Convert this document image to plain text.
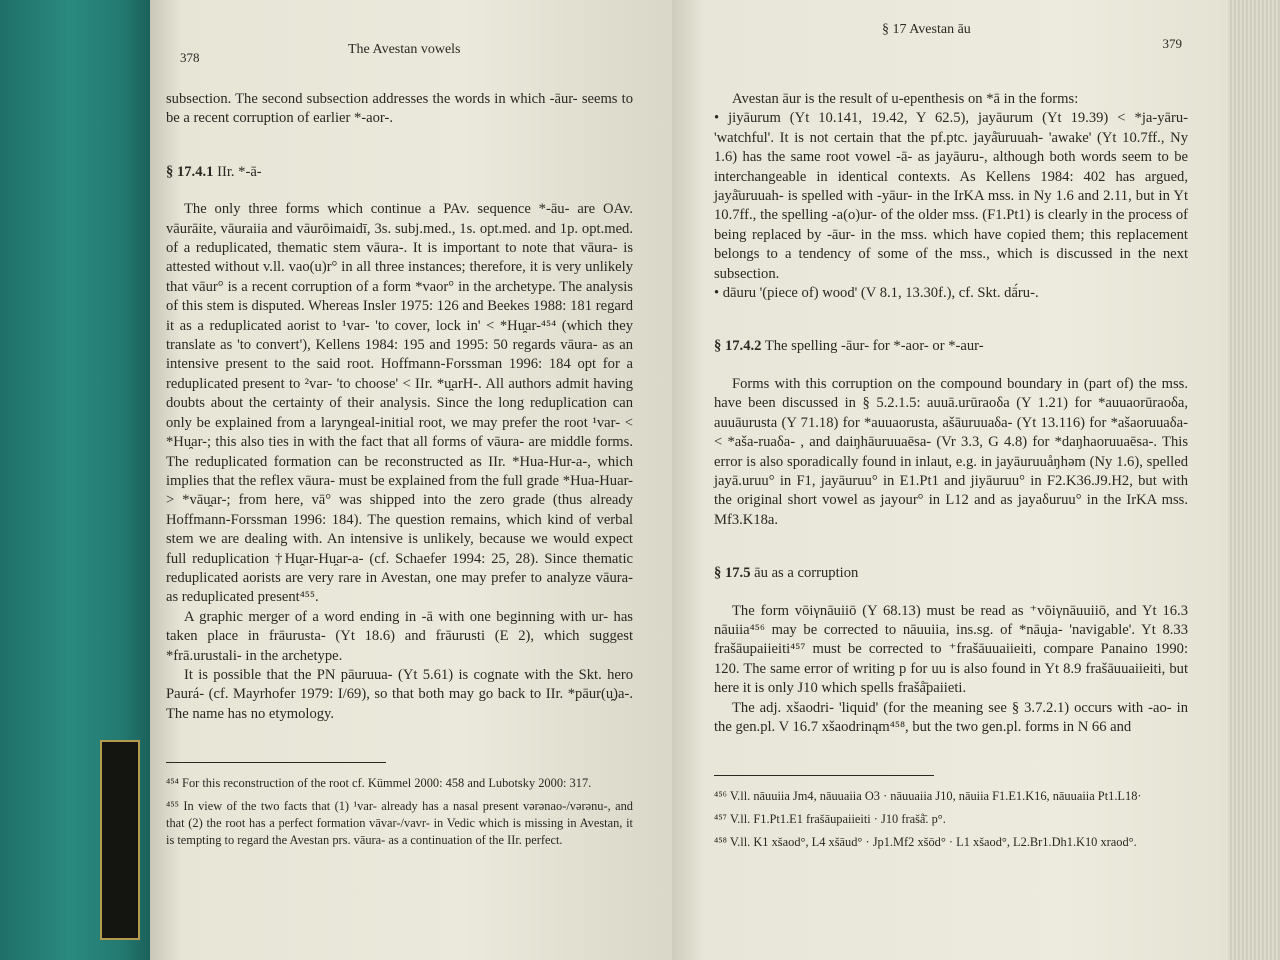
378
The Avestan vowels

subsection. The second subsection addresses the words in which -āur- seems to be a recent corruption of earlier *-aor-.

§ 17.4.1 IIr. *-ā-

The only three forms which continue a PAv. sequence *-āu- are OAv. vāurāite, vāuraiia and vāurōimaidī, 3s. subj.med., 1s. opt.med. and 1p. opt.med. of a reduplicated, thematic stem vāura-. It is important to note that vāura- is attested without v.ll. vao(u)r° in all three instances; therefore, it is very unlikely that vāur° is a recent corruption of a form *vaor° in the archetype. The analysis of this stem is disputed. Whereas Insler 1975: 126 and Beekes 1988: 181 regard it as a reduplicated aorist to ¹var- 'to cover, lock in' < *Hu̯ar-⁴⁵⁴ (which they translate as 'to convert'), Kellens 1984: 195 and 1995: 50 regards vāura- as an intensive present to the said root. Hoffmann-Forssman 1996: 184 opt for a reduplicated present to ²var- 'to choose' < IIr. *u̯arH-. All authors admit having doubts about the certainty of their analysis. Since the long reduplication can only be explained from a laryngeal-initial root, we may prefer the root ¹var- < *Hu̯ar-; this also ties in with the fact that all forms of vāura- are middle forms. The reduplicated formation can be reconstructed as IIr. *Hua-Hur-a-, which implies that the reflex vāura- must be explained from the full grade *Hua-Huar- > *vāu̯ar-; from here, vā° was shipped into the zero grade (thus already Hoffmann-Forssman 1996: 184). The question remains, which kind of verbal stem we are dealing with. An intensive is unlikely, because we would expect full reduplication †Hu̯ar-Hu̯ar-a- (cf. Schaefer 1994: 25, 28). Since thematic reduplicated aorists are very rare in Avestan, one may prefer to analyze vāura- as reduplicated present⁴⁵⁵.

A graphic merger of a word ending in -ā with one beginning with ur- has taken place in frāurusta- (Yt 18.6) and frāurusti (E 2), which suggest *frā.urustali- in the archetype.

It is possible that the PN pāuruua- (Yt 5.61) is cognate with the Skt. hero Paurá- (cf. Mayrhofer 1979: I/69), so that both may go back to IIr. *pāur(u̯)a-. The name has no etymology.

⁴⁵⁴ For this reconstruction of the root cf. Kümmel 2000: 458 and Lubotsky 2000: 317.

⁴⁵⁵ In view of the two facts that (1) ¹var- already has a nasal present vərənao-/vərənu-, and that (2) the root has a perfect formation vāvar-/vavr- in Vedic which is missing in Avestan, it is tempting to regard the Avestan prs. vāura- as a continuation of the IIr. perfect.

§ 17 Avestan āu
379

Avestan āur is the result of u-epenthesis on *ā in the forms:

• jiyāurum (Yt 10.141, 19.42, Y 62.5), jayāurum (Yt 19.39) < *ja-yāru- 'watchful'. It is not certain that the pf.ptc. jayå̄uruuah- 'awake' (Yt 10.7ff., Ny 1.6) has the same root vowel -ā- as jayāuru-, although both words seem to be interchangeable in identical contexts. As Kellens 1984: 402 has argued, jayå̄uruuah- is spelled with -yāur- in the IrKA mss. in Ny 1.6 and 2.11, but in Yt 10.7ff., the spelling -a(o)ur- of the older mss. (F1.Pt1) is clearly in the process of being replaced by -āur- in the mss. which have copied them; this replacement belongs to a tendency of some of the mss., which is discussed in the next subsection.

• dāuru '(piece of) wood' (V 8.1, 13.30f.), cf. Skt. dā́ru-.

§ 17.4.2 The spelling -āur- for *-aor- or *-aur-

Forms with this corruption on the compound boundary in (part of) the mss. have been discussed in § 5.2.1.5: auuā.urūraoδa (Y 1.21) for *auuaorūraoδa, auuāurusta (Y 71.18) for *auuaorusta, ašāuruuaδa- (Yt 13.116) for *ašaoruuaδa- < *aša-ruaδa- , and daiŋhāuruuaēsa- (Vr 3.3, G 4.8) for *daŋhaoruuaēsa-. This error is also sporadically found in inlaut, e.g. in jayāuruuåŋhəm (Ny 1.6), spelled jayā.uruu° in F1, jayāuruu° in E1.Pt1 and jiyāuruu° in F2.K36.J9.H2, but with the original short vowel as jayour° in L12 and as jayaδuruu° in the IrKA mss. Mf3.K18a.

§ 17.5 āu as a corruption

The form vōiγnāuiiō (Y 68.13) must be read as ⁺vōiγnāuuiiō, and Yt 16.3 nāuiia⁴⁵⁶ may be corrected to nāuuiia, ins.sg. of *nāu̯ia- 'navigable'. Yt 8.33 frašāupaiieiti⁴⁵⁷ must be corrected to ⁺frašāuuaiieiti, compare Panaino 1990: 120. The same error of writing p for uu is also found in Yt 8.9 frašāuuaiieiti, but here it is only J10 which spells frašå̄paiieti.

The adj. xšaodri- 'liquid' (for the meaning see § 3.7.2.1) occurs with -ao- in the gen.pl. V 16.7 xšaodrinąm⁴⁵⁸, but the two gen.pl. forms in N 66 and

⁴⁵⁶ V.ll. nāuuiia Jm4, nāuuaiia O3 · nāuuaiia J10, nāuiia F1.E1.K16, nāuuaiia Pt1.L18·

⁴⁵⁷ V.ll. F1.Pt1.E1 frašāupaiieiti · J10 frašå̄. p°.

⁴⁵⁸ V.ll. K1 xšaod°, L4 xšāud° · Jp1.Mf2 xšōd° · L1 xšaod°, L2.Br1.Dh1.K10 xraod°.
